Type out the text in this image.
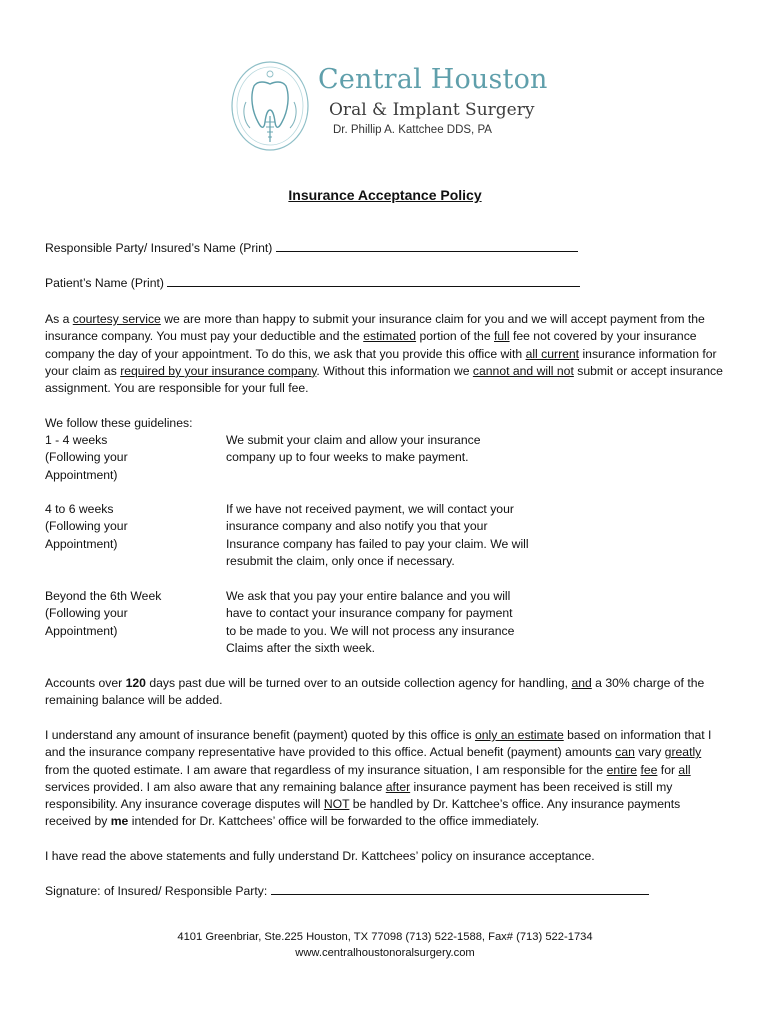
Central Houston
Oral & Implant Surgery
Dr. Phillip A. Kattchee DDS, PA
Insurance Acceptance Policy
Responsible Party/ Insured’s Name (Print)
Patient’s Name (Print)

As a courtesy service we are more than happy to submit your insurance claim for you and we will accept payment from the insurance company. You must pay your deductible and the estimated portion of the full fee not covered by your insurance company the day of your appointment. To do this, we ask that you provide this office with all current insurance information for your claim as required by your insurance company. Without this information we cannot and will not submit or accept insurance assignment. You are responsible for your full fee.

We follow these guidelines:
1 - 4 weeks
(Following your
Appointment)
We submit your claim and allow your insurance
company up to four weeks to make payment.
4 to 6 weeks
(Following your
Appointment)
If we have not received payment, we will contact your
insurance company and also notify you that your
Insurance company has failed to pay your claim. We will
resubmit the claim, only once if necessary.
Beyond the 6th Week
(Following your
Appointment)
We ask that you pay your entire balance and you will
have to contact your insurance company for payment
to be made to you. We will not process any insurance
Claims after the sixth week.

Accounts over 120 days past due will be turned over to an outside collection agency for handling, and a 30% charge of the remaining balance will be added.

I understand any amount of insurance benefit (payment) quoted by this office is only an estimate based on information that I and the insurance company representative have provided to this office. Actual benefit (payment) amounts can vary greatly from the quoted estimate. I am aware that regardless of my insurance situation, I am responsible for the entire fee for all services provided. I am also aware that any remaining balance after insurance payment has been received is still my responsibility. Any insurance coverage disputes will NOT be handled by Dr. Kattchee’s office. Any insurance payments received by me intended for Dr. Kattchees’ office will be forwarded to the office immediately.

I have read the above statements and fully understand Dr. Kattchees’ policy on insurance acceptance.
Signature: of Insured/ Responsible Party:
4101 Greenbriar, Ste.225 Houston, TX 77098 (713) 522-1588, Fax# (713) 522-1734
www.centralhoustonoralsurgery.com
